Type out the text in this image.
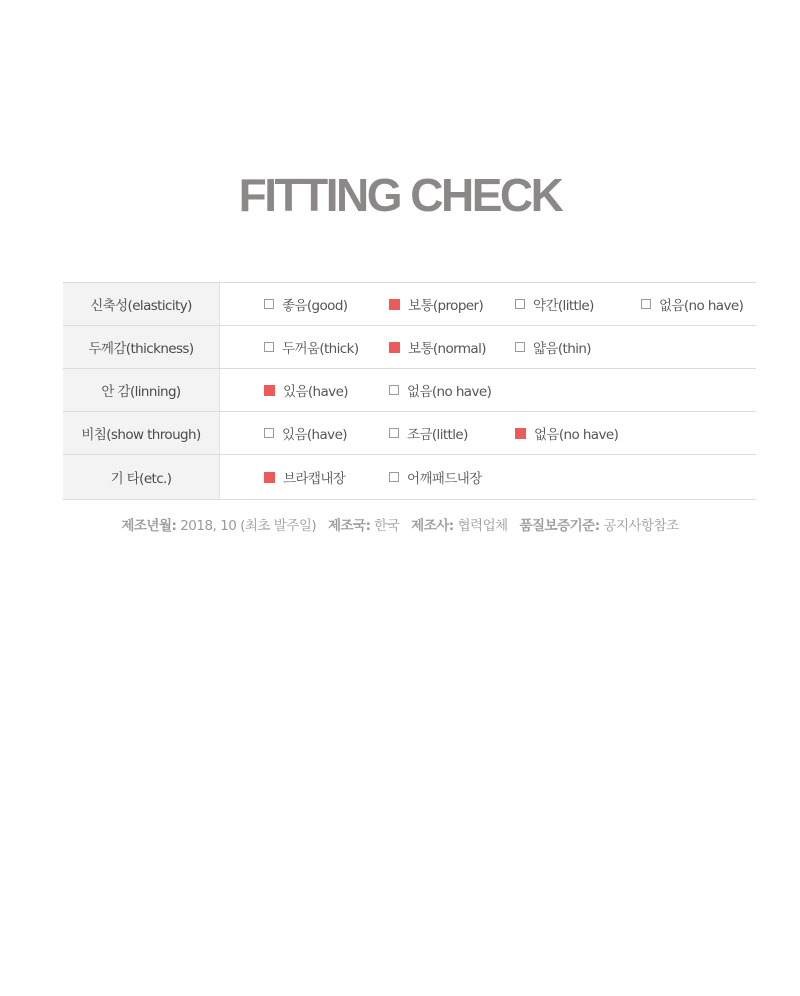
FITTING CHECK
신축성(elasticity)	좋음(good)	보통(proper)	약간(little)	없음(no have)
두께감(thickness)	두꺼움(thick)	보통(normal)	얇음(thin)
안 감(linning)	있음(have)	없음(no have)
비침(show through)	있음(have)	조금(little)	없음(no have)
기 타(etc.)	브라캡내장	어깨패드내장
제조년월: 2018, 10 (최초 발주일) 제조국: 한국 제조사: 협력업체 품질보증기준: 공지사항참조
